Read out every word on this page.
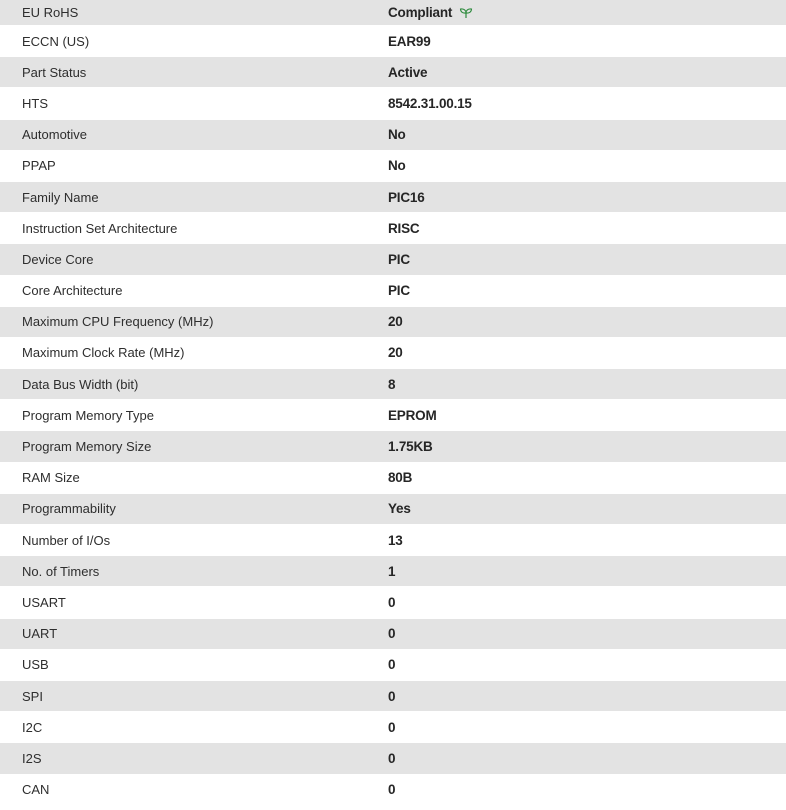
EU RoHS	Compliant
ECCN (US)	EAR99
Part Status	Active
HTS	8542.31.00.15
Automotive	No
PPAP	No
Family Name	PIC16
Instruction Set Architecture	RISC
Device Core	PIC
Core Architecture	PIC
Maximum CPU Frequency (MHz)	20
Maximum Clock Rate (MHz)	20
Data Bus Width (bit)	8
Program Memory Type	EPROM
Program Memory Size	1.75KB
RAM Size	80B
Programmability	Yes
Number of I/Os	13
No. of Timers	1
USART	0
UART	0
USB	0
SPI	0
I2C	0
I2S	0
CAN	0
